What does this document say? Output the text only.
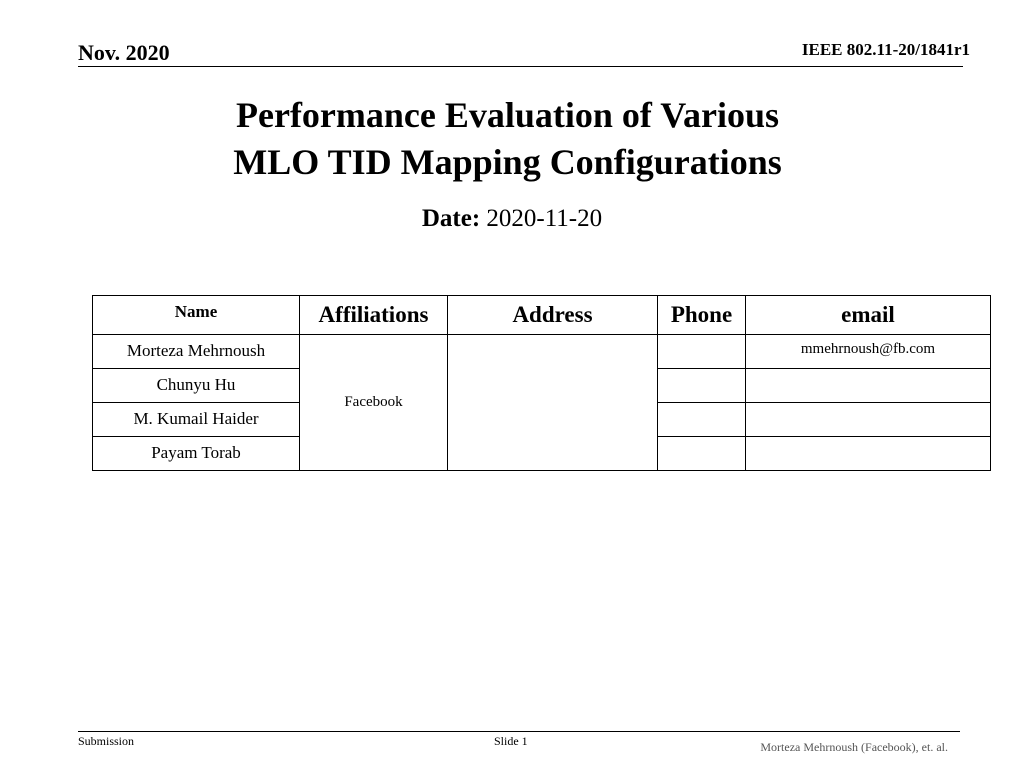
Nov. 2020	IEEE 802.11-20/1841r1
Performance Evaluation of Various
MLO TID Mapping Configurations
Date: 2020-11-20
Name	Affiliations	Address	Phone	email
Morteza Mehrnoush	Facebook			mmehrnoush@fb.com
Chunyu Hu				
M. Kumail Haider				
Payam Torab				
Submission	Slide 1	Morteza Mehrnoush (Facebook), et. al.
